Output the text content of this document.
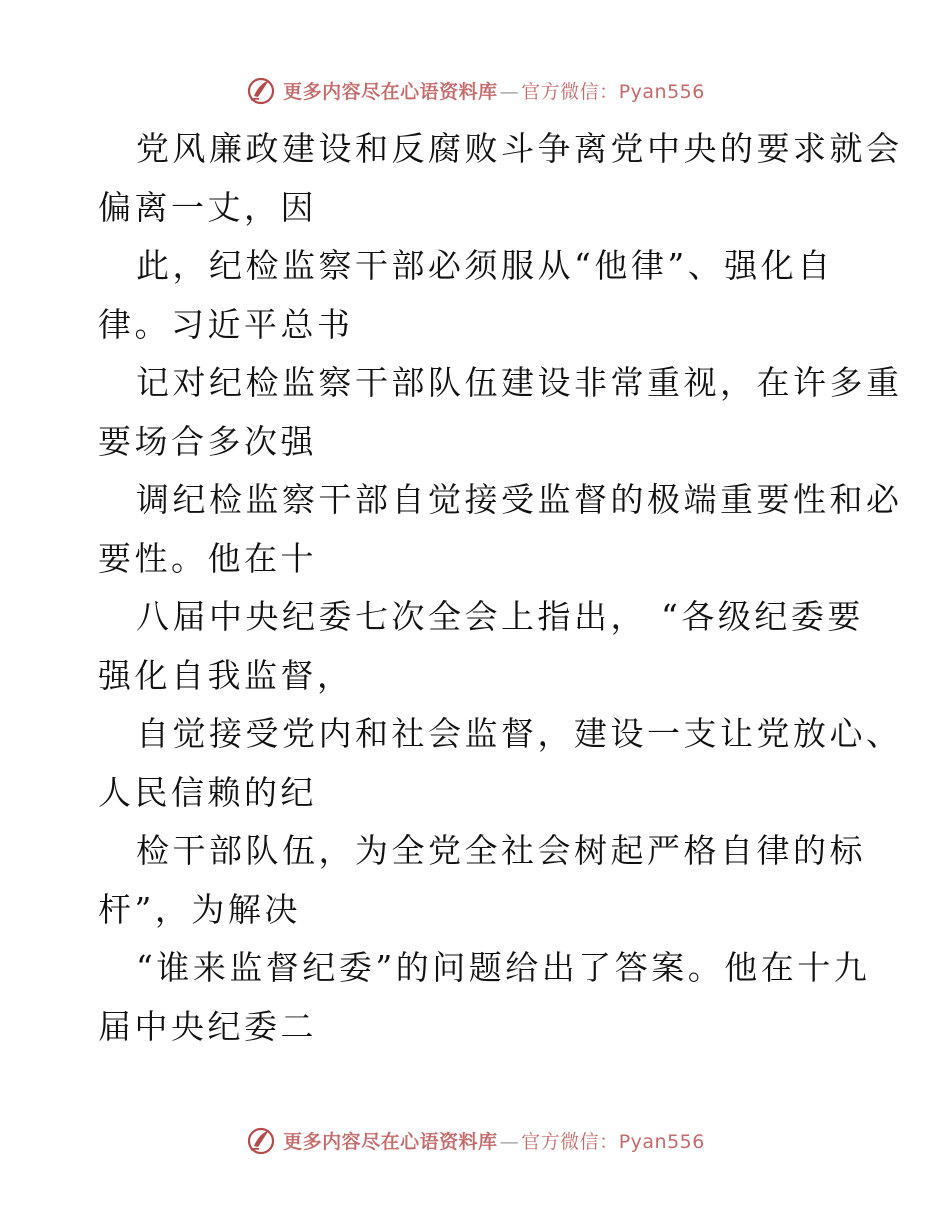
更多内容尽在心语资料库 — 官方微信：Pyan556
党风廉政建设和反腐败斗争离党中央的要求就会
偏离一丈，因
此，纪检监察干部必须服从“他律”、强化自
律。习近平总书
记对纪检监察干部队伍建设非常重视，在许多重
要场合多次强
调纪检监察干部自觉接受监督的极端重要性和必
要性。他在十
八届中央纪委七次全会上指出， “各级纪委要
强化自我监督，
自觉接受党内和社会监督，建设一支让党放心、
人民信赖的纪
检干部队伍，为全党全社会树起严格自律的标
杆”，为解决
“谁来监督纪委”的问题给出了答案。他在十九
届中央纪委二
更多内容尽在心语资料库 — 官方微信：Pyan556
